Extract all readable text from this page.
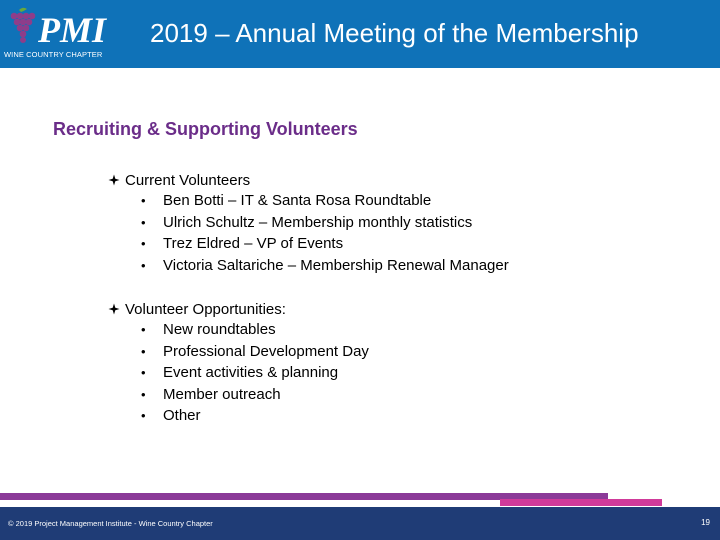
PMI
WINE COUNTRY CHAPTER
2019 – Annual Meeting of the Membership
Recruiting & Supporting Volunteers
Current Volunteers
•	Ben Botti – IT & Santa Rosa Roundtable
•	Ulrich Schultz – Membership monthly statistics
•	Trez Eldred – VP of Events
•	Victoria Saltariche – Membership Renewal Manager
Volunteer Opportunities:
•	New roundtables
•	Professional Development Day
•	Event activities & planning
•	Member outreach
•	Other
© 2019 Project Management Institute - Wine Country Chapter	19
